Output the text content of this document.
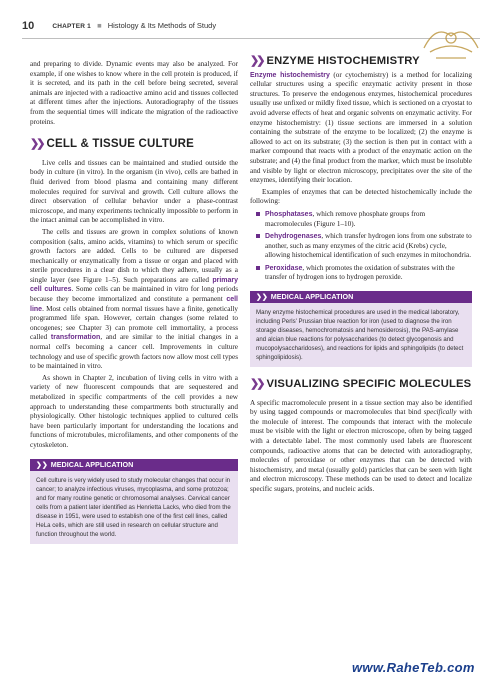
10	CHAPTER 1 ■ Histology & Its Methods of Study

and preparing to divide. Dynamic events may also be analyzed. For example, if one wishes to know where in the cell protein is produced, if it is secreted, and its path in the cell before being secreted, several animals are injected with a radioactive amino acid and tissues collected at different times after the injections. Autoradiography of the tissues from the sequential times will indicate the migration of the radioactive proteins.

❯❯ CELL & TISSUE CULTURE

Live cells and tissues can be maintained and studied outside the body in culture (in vitro). In the organism (in vivo), cells are bathed in fluid derived from blood plasma and containing many different molecules required for survival and growth. Cell culture allows the direct observation of cellular behavior under a phase-contrast microscope, and many experiments technically impossible to perform in the intact animal can be accomplished in vitro.

The cells and tissues are grown in complex solutions of known composition (salts, amino acids, vitamins) to which serum or specific growth factors are added. Cells to be cultured are dispersed mechanically or enzymatically from a tissue or organ and placed with sterile procedures in a clear dish to which they adhere, usually as a single layer (see Figure 1–5). Such preparations are called primary cell cultures. Some cells can be maintained in vitro for long periods because they become immortalized and constitute a permanent cell line. Most cells obtained from normal tissues have a finite, genetically programmed life span. However, certain changes (some related to oncogenes; see Chapter 3) can promote cell immortality, a process called transformation, and are similar to the initial changes in a normal cell's becoming a cancer cell. Improvements in culture technology and use of specific growth factors now allow most cell types to be maintained in vitro.

As shown in Chapter 2, incubation of living cells in vitro with a variety of new fluorescent compounds that are sequestered and metabolized in specific compartments of the cell provides a new approach to understanding these compartments both structurally and physiologically. Other histologic techniques applied to cultured cells have been particularly important for understanding the locations and functions of microtubules, microfilaments, and other components of the cytoskeleton.

❯❯ MEDICAL APPLICATION
Cell culture is very widely used to study molecular changes that occur in cancer; to analyze infectious viruses, mycoplasma, and some protozoa; and for many routine genetic or chromosomal analyses. Cervical cancer cells from a patient later identified as Henrietta Lacks, who died from the disease in 1951, were used to establish one of the first cell lines, called HeLa cells, which are still used in research on cellular structure and function throughout the world.
❯❯ ENZYME HISTOCHEMISTRY

Enzyme histochemistry (or cytochemistry) is a method for localizing cellular structures using a specific enzymatic activity present in those structures. To preserve the endogenous enzymes, histochemical procedures usually use unfixed or mildly fixed tissue, which is sectioned on a cryostat to avoid adverse effects of heat and organic solvents on enzymatic activity. For enzyme histochemistry: (1) tissue sections are immersed in a solution containing the substrate of the enzyme to be localized; (2) the enzyme is allowed to act on its substrate; (3) the section is then put in contact with a marker compound that reacts with a product of the enzymatic action on the substrate; and (4) the final product from the marker, which must be insoluble and visible by light or electron microscopy, precipitates over the site of the enzymes, identifying their location.

Examples of enzymes that can be detected histochemically include the following:

Phosphatases, which remove phosphate groups from macromolecules (Figure 1–10).
Dehydrogenases, which transfer hydrogen ions from one substrate to another, such as many enzymes of the citric acid (Krebs) cycle, allowing histochemical identification of such enzymes in mitochondria.
Peroxidase, which promotes the oxidation of substrates with the transfer of hydrogen ions to hydrogen peroxide.
❯❯ MEDICAL APPLICATION
Many enzyme histochemical procedures are used in the medical laboratory, including Perls' Prussian blue reaction for iron (used to diagnose the iron storage diseases, hemochromatosis and hemosiderosis), the PAS-amylase and alcian blue reactions for polysaccharides (to detect glycogenosis and mucopolysaccharidoses), and reactions for lipids and sphingolipids (to detect sphingolipidosis).
❯❯ VISUALIZING SPECIFIC MOLECULES

A specific macromolecule present in a tissue section may also be identified by using tagged compounds or macromolecules that bind specifically with the molecule of interest. The compounds that interact with the molecule must be visible with the light or electron microscope, often by being tagged with a detectable label. The most commonly used labels are fluorescent compounds, radioactive atoms that can be detected with autoradiography, molecules of peroxidase or other enzymes that can be detected with histochemistry, and metal (usually gold) particles that can be seen with light and electron microscopy. These methods can be used to detect and localize specific sugars, proteins, and nucleic acids.

www.RaheTeb.com
